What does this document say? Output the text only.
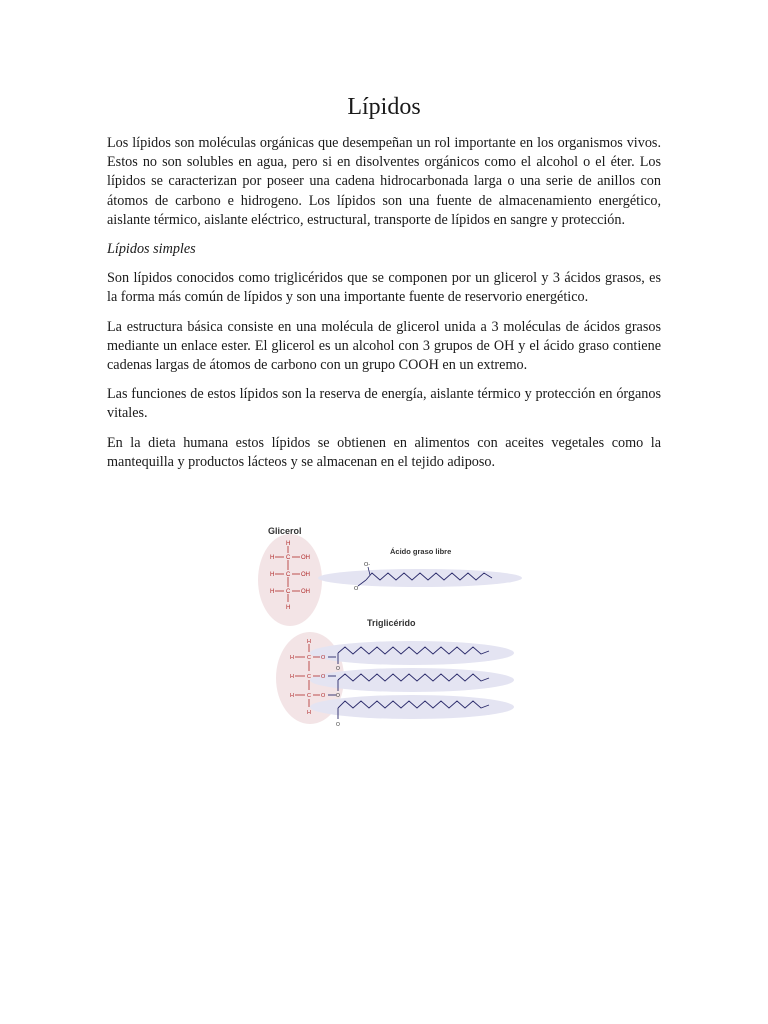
Lípidos

Los lípidos son moléculas orgánicas que desempeñan un rol importante en los organismos vivos. Estos no son solubles en agua, pero si en disolventes orgánicos como el alcohol o el éter. Los lípidos se caracterizan por poseer una cadena hidrocarbonada larga o una serie de anillos con átomos de carbono e hidrogeno. Los lípidos son una fuente de almacenamiento energético, aislante térmico, aislante eléctrico, estructural, transporte de lípidos en sangre y protección.

Lípidos simples

Son lípidos conocidos como triglicéridos que se componen por un glicerol y 3 ácidos grasos, es la forma más común de lípidos y son una importante fuente de reservorio energético.

La estructura básica consiste en una molécula de glicerol unida a 3 moléculas de ácidos grasos mediante un enlace ester. El glicerol es un alcohol con 3 grupos de OH y el ácido graso contiene cadenas largas de átomos de carbono con un grupo COOH en un extremo.

Las funciones de estos lípidos son la reserva de energía, aislante térmico y protección en órganos vitales.

En la dieta humana estos lípidos se obtienen en alimentos con aceites vegetales como la mantequilla y productos lácteos y se almacenan en el tejido adiposo.

Glicerol
H
H C OH
H C OH
H C OH
H
Ácido graso libre
O-
O
Triglicérido
H
H C O
H C O
H C O
H
O
O
O
